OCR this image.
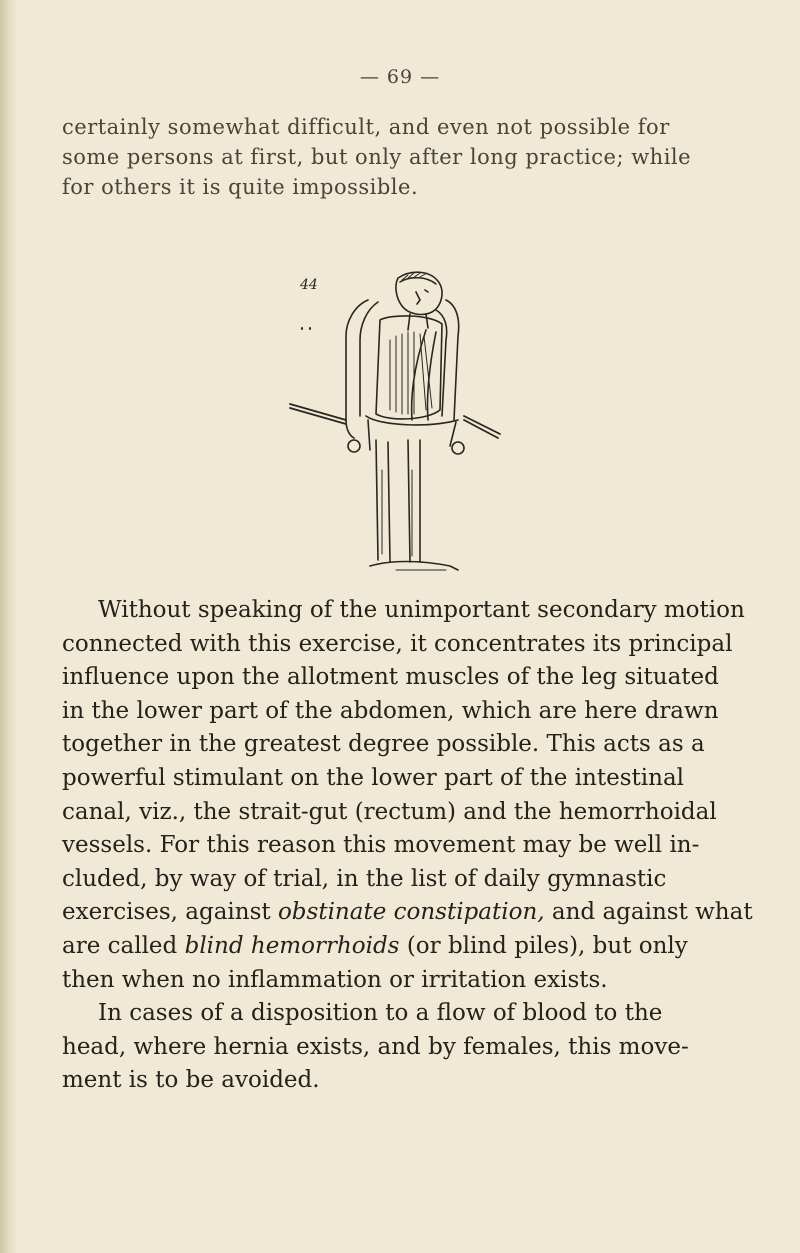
— 69 —
certainly somewhat difficult, and even not possible for
some persons at first, but only after long practice; while
for others it is quite impossible.
44
Without speaking of the unimportant secondary motion
connected with this exercise, it concentrates its principal
influence upon the allotment muscles of the leg situated
in the lower part of the abdomen, which are here drawn
together in the greatest degree possible. This acts as a
powerful stimulant on the lower part of the intestinal
canal, viz., the strait-gut (rectum) and the hemorrhoidal
vessels. For this reason this movement may be well in-
cluded, by way of trial, in the list of daily gymnastic
exercises, against obstinate constipation, and against what
are called blind hemorrhoids (or blind piles), but only
then when no inflammation or irritation exists.
In cases of a disposition to a flow of blood to the
head, where hernia exists, and by females, this move-
ment is to be avoided.
